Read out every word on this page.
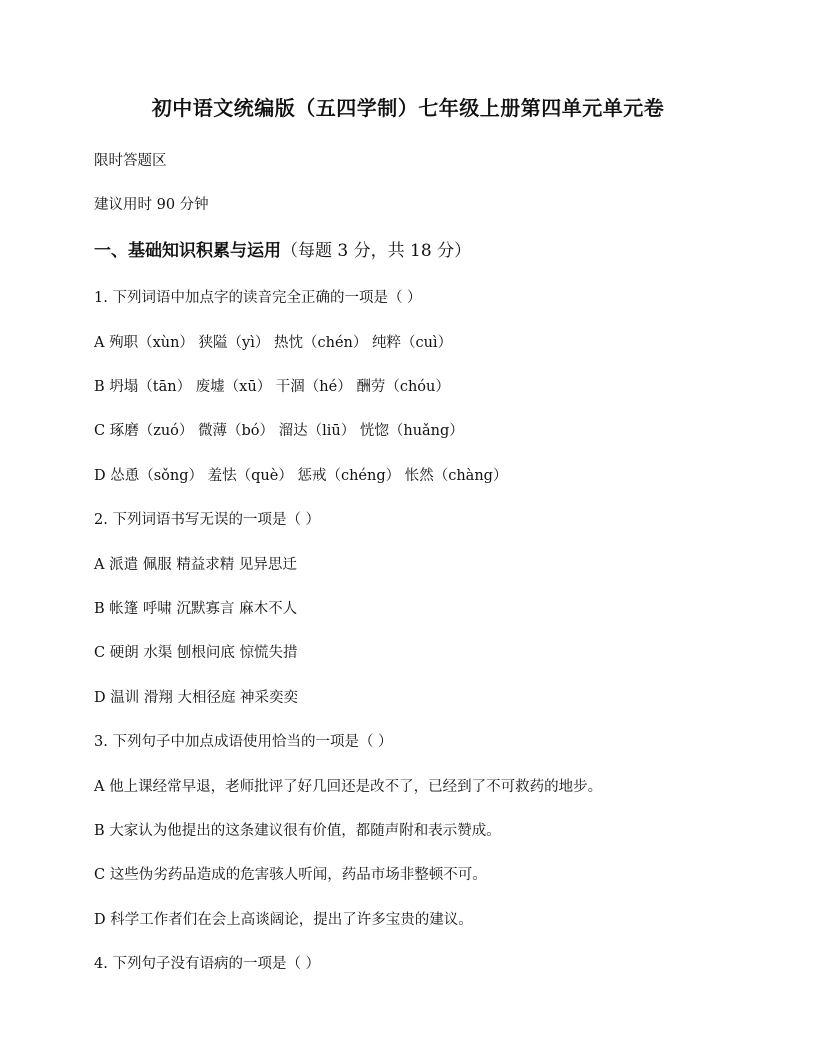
初中语文统编版（五四学制）七年级上册第四单元单元卷
限时答题区
建议用时 90 分钟
一、基础知识积累与运用（每题 3 分，共 18 分）
1. 下列词语中加点字的读音完全正确的一项是（ ）
A 殉职（xùn） 狭隘（yì） 热忱（chén） 纯粹（cuì）
B 坍塌（tān） 废墟（xū） 干涸（hé） 酬劳（chóu）
C 琢磨（zuó） 微薄（bó） 溜达（liū） 恍惚（huǎng）
D 怂恿（sǒng） 羞怯（què） 惩戒（chéng） 怅然（chàng）
2. 下列词语书写无误的一项是（ ）
A 派遣 佩服 精益求精 见异思迁
B 帐篷 呼啸 沉默寡言 麻木不人
C 硬朗 水渠 刨根问底 惊慌失措
D 温训 滑翔 大相径庭 神采奕奕
3. 下列句子中加点成语使用恰当的一项是（ ）
A 他上课经常早退，老师批评了好几回还是改不了，已经到了不可救药的地步。
B 大家认为他提出的这条建议很有价值，都随声附和表示赞成。
C 这些伪劣药品造成的危害骇人听闻，药品市场非整顿不可。
D 科学工作者们在会上高谈阔论，提出了许多宝贵的建议。
4. 下列句子没有语病的一项是（ ）
